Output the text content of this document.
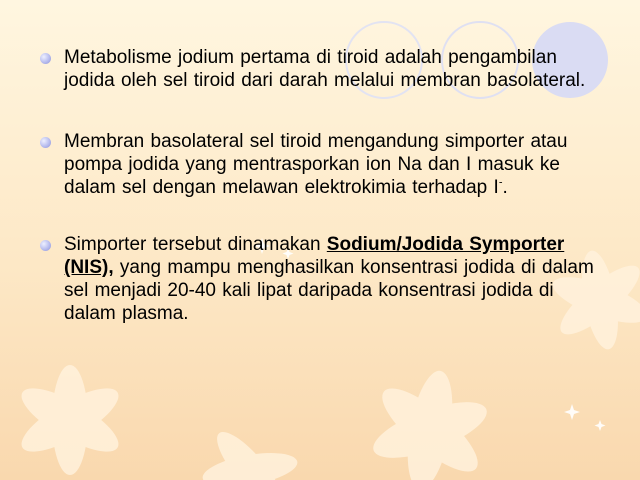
Metabolisme jodium pertama di tiroid adalah pengambilan jodida oleh sel tiroid dari darah melalui membran basolateral.

Membran basolateral sel tiroid mengandung simporter atau pompa jodida yang mentrasporkan ion Na dan I masuk ke dalam sel dengan melawan elektrokimia terhadap I-.

Simporter tersebut dinamakan Sodium/Jodida Symporter (NIS), yang mampu menghasilkan konsentrasi jodida di dalam sel menjadi 20-40 kali lipat daripada konsentrasi jodida di dalam plasma.
